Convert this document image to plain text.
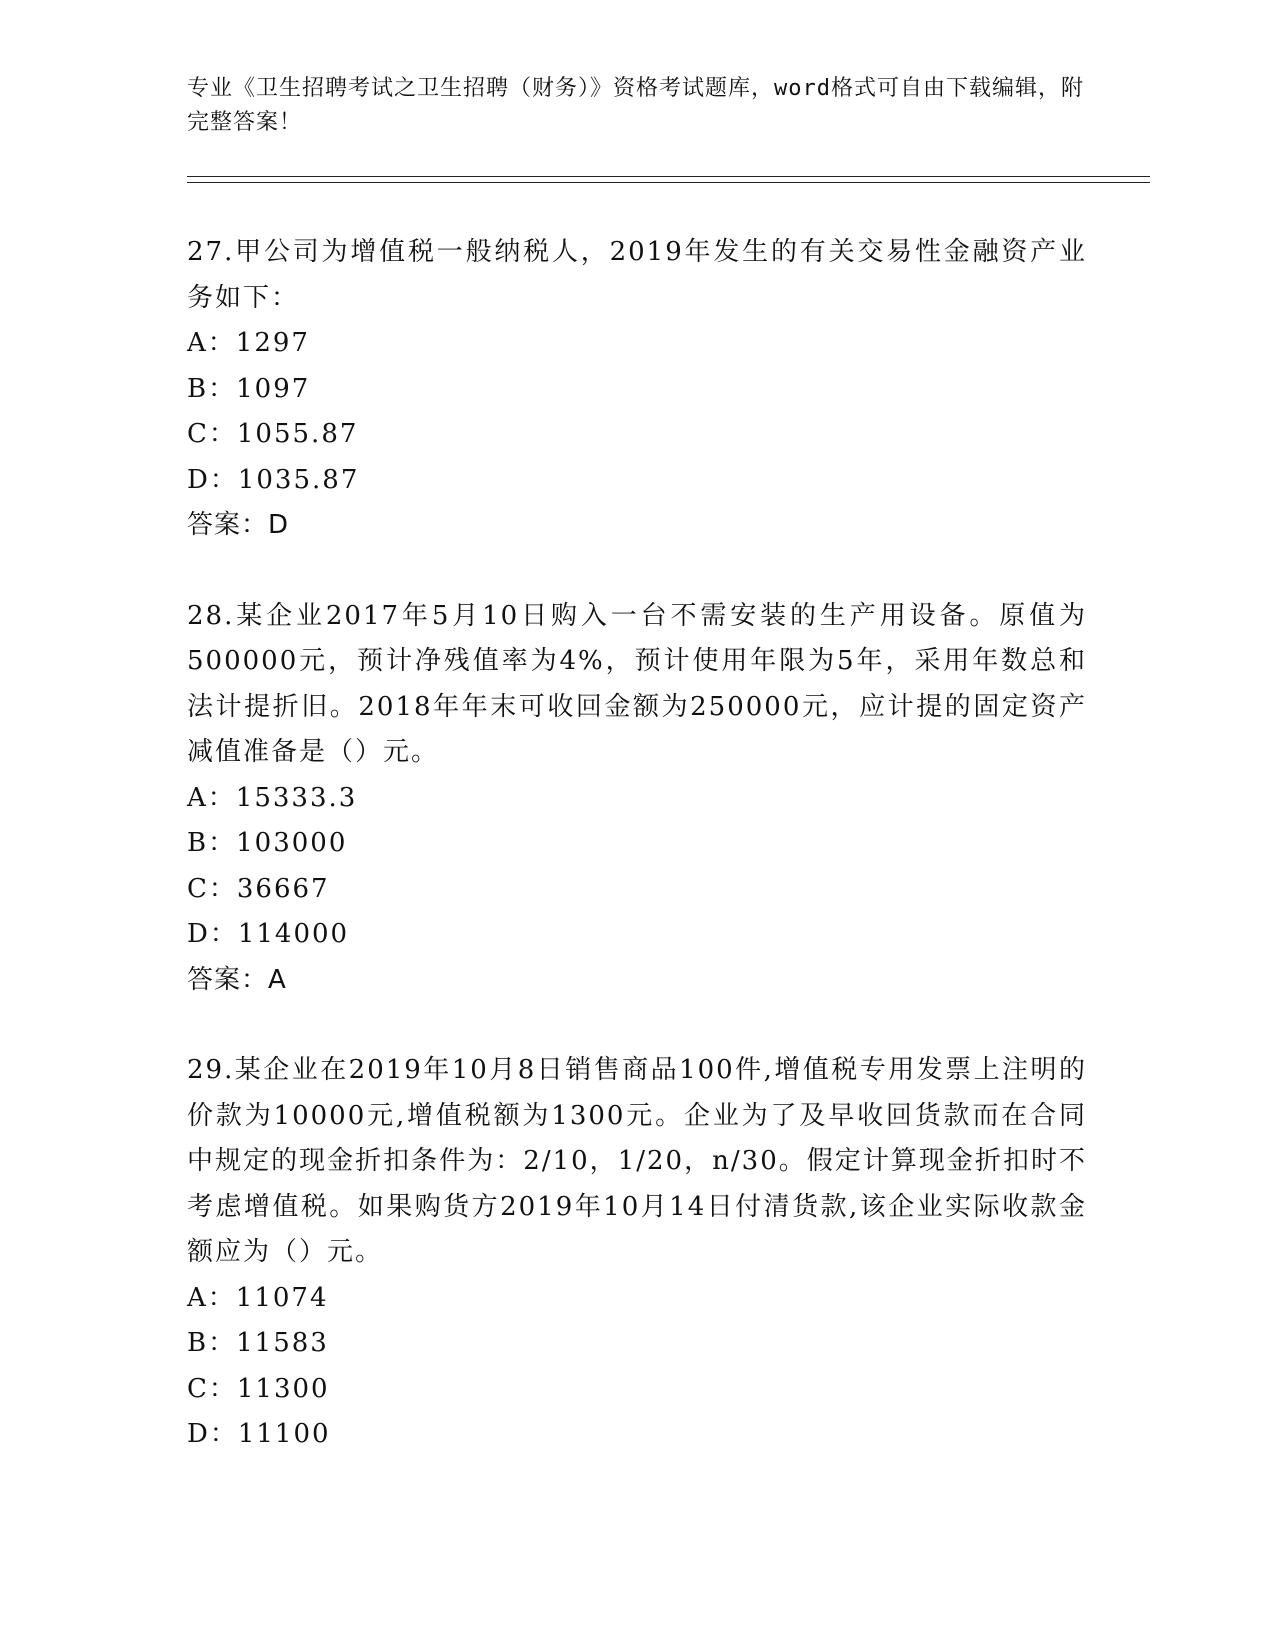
专业《卫生招聘考试之卫生招聘（财务）》资格考试题库，word格式可自由下载编辑，附完整答案！

27.甲公司为增值税一般纳税人，2019年发生的有关交易性金融资产业务如下：

A：1297

B：1097

C：1055.87

D：1035.87

答案：D

28.某企业2017年5月10日购入一台不需安装的生产用设备。原值为500000元，预计净残值率为4%，预计使用年限为5年，采用年数总和法计提折旧。2018年年末可收回金额为250000元，应计提的固定资产减值准备是（）元。

A：15333.3

B：103000

C：36667

D：114000

答案：A

29.某企业在2019年10月8日销售商品100件,增值税专用发票上注明的价款为10000元,增值税额为1300元。企业为了及早收回货款而在合同中规定的现金折扣条件为：2/10，1/20，n/30。假定计算现金折扣时不考虑增值税。如果购货方2019年10月14日付清货款,该企业实际收款金额应为（）元。

A：11074

B：11583

C：11300

D：11100
